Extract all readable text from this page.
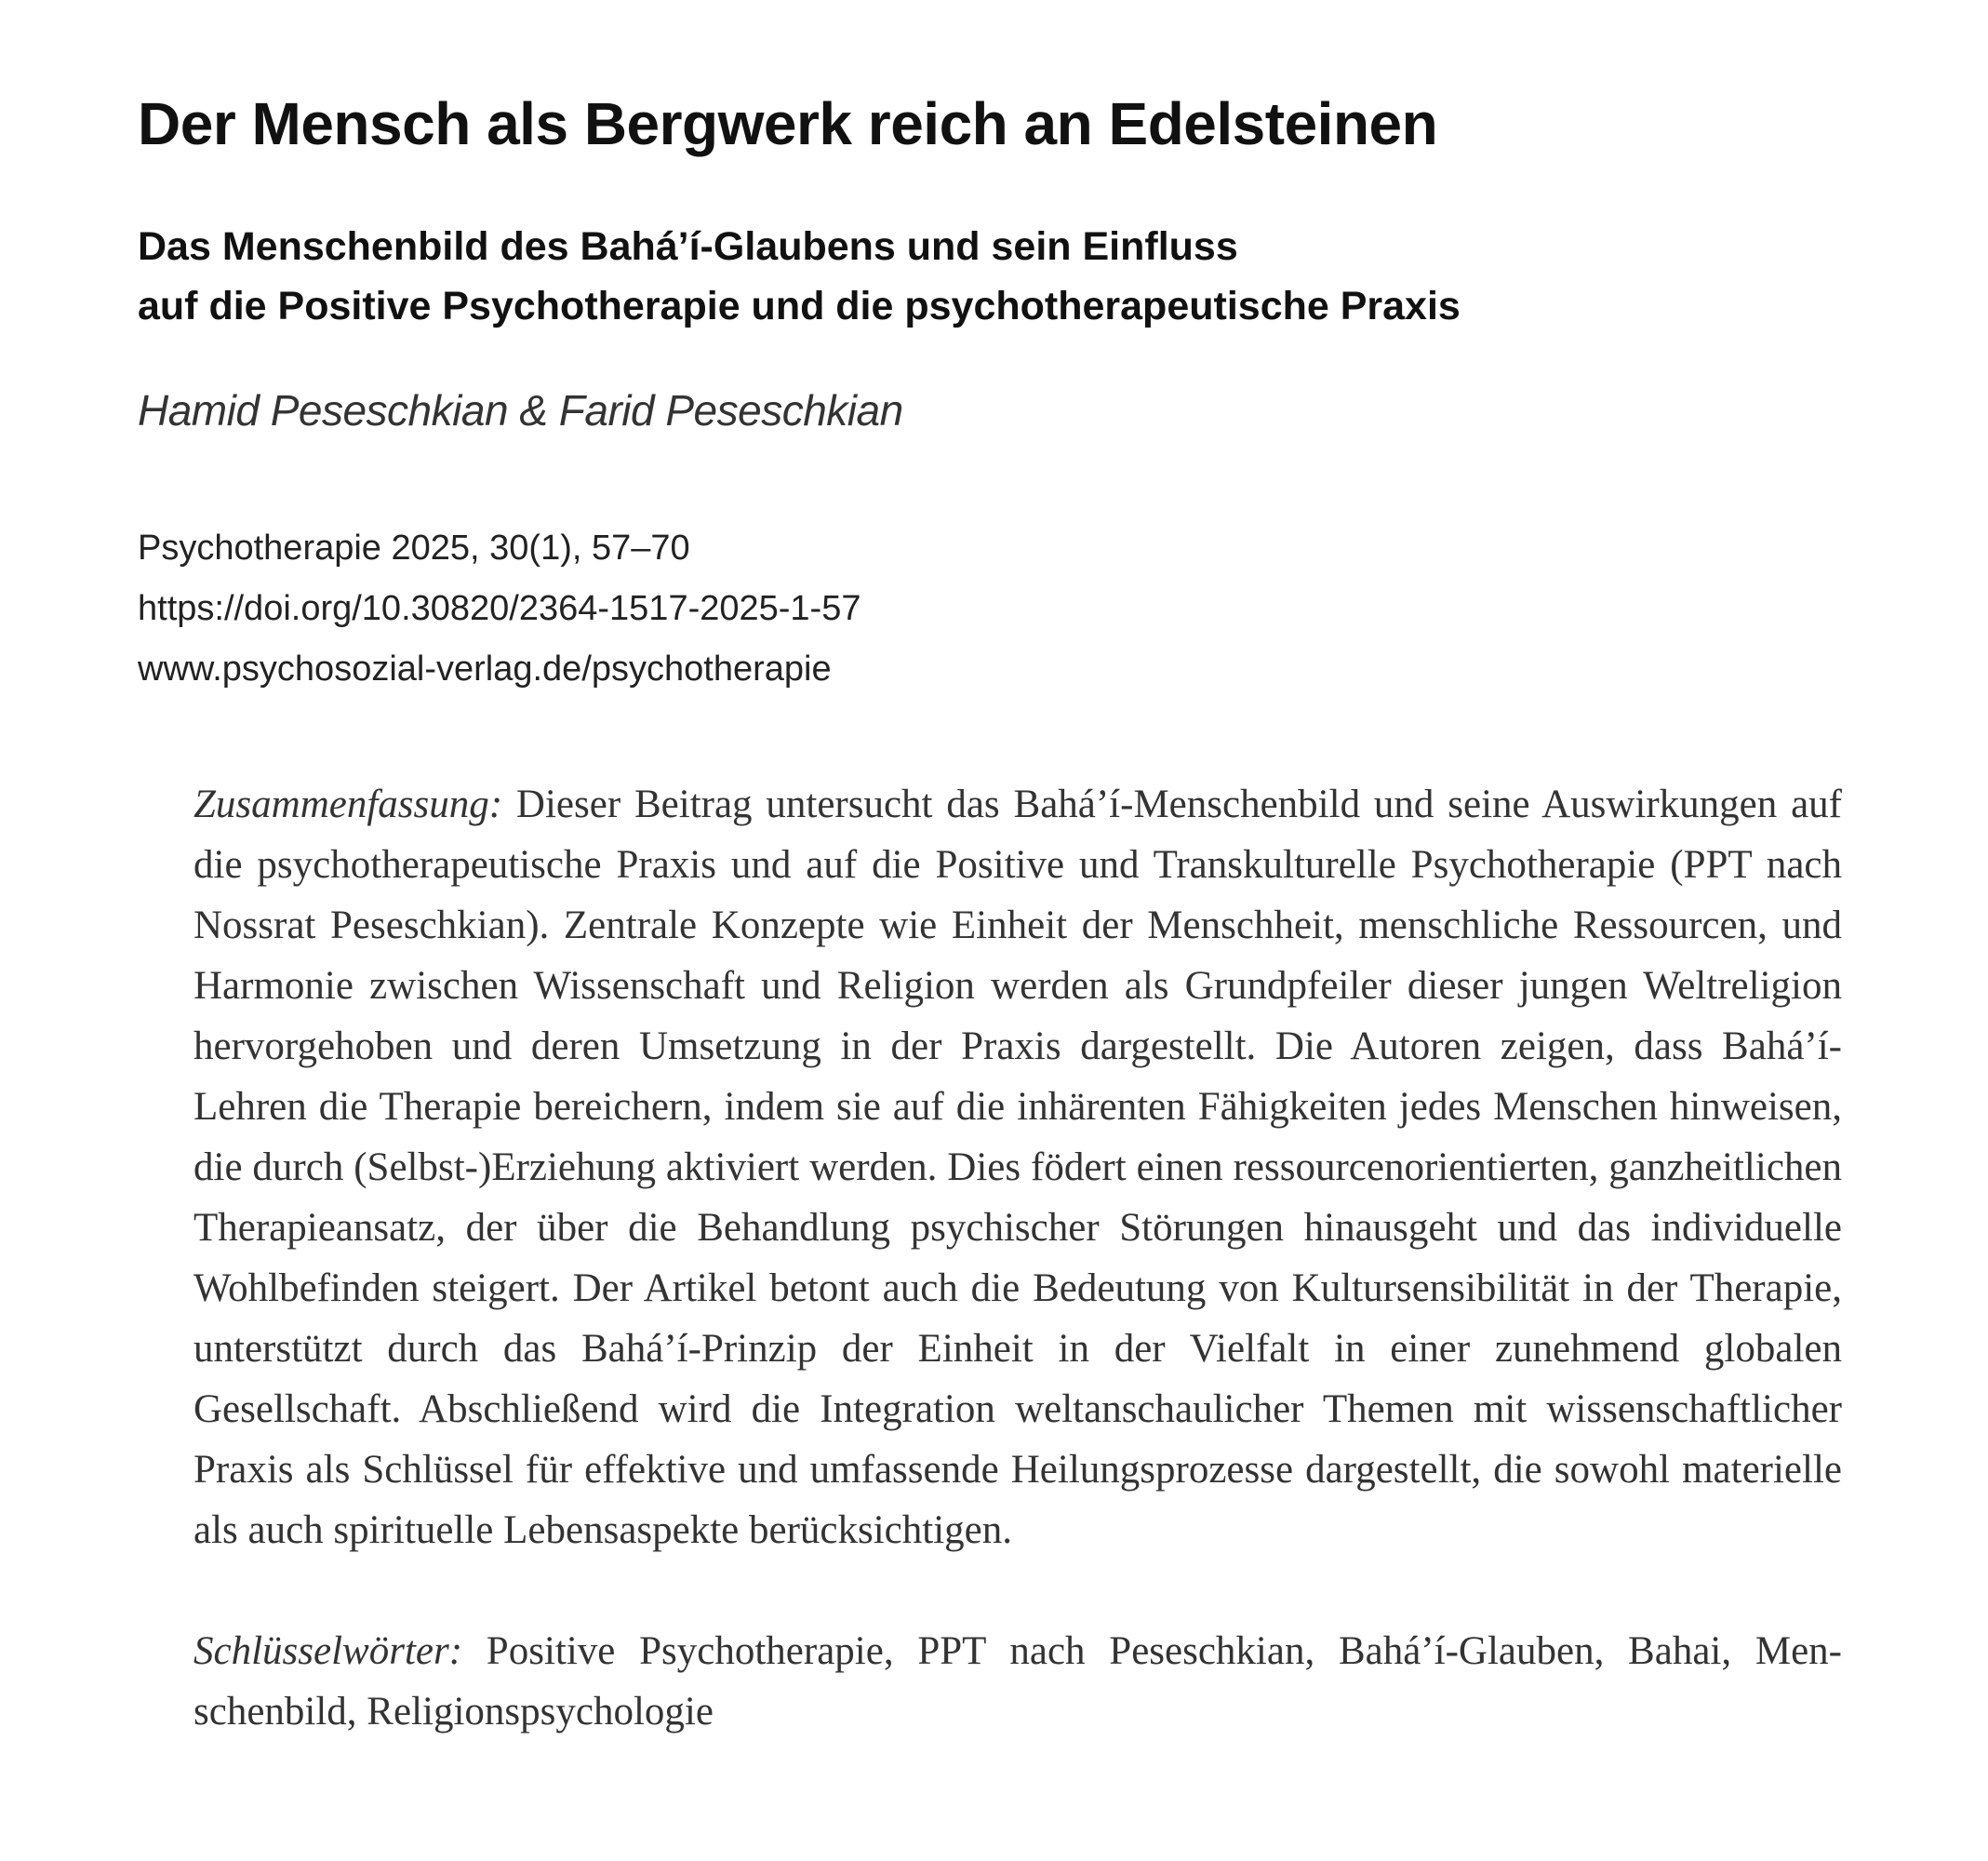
Der Mensch als Bergwerk reich an Edelsteinen
Das Menschenbild des Bahá’í-Glaubens und sein Einfluss
auf die Positive Psychotherapie und die psychotherapeutische Praxis
Hamid Peseschkian & Farid Peseschkian
Psychotherapie 2025, 30(1), 57–70
https://doi.org/10.30820/2364-1517-2025-1-57
www.psychosozial-verlag.de/psychotherapie

Zusammenfassung: Dieser Beitrag untersucht das Bahá’í-Menschenbild und seine Auswirkungen auf die psychotherapeutische Praxis und auf die Positive und Transkulturelle Psychotherapie (PPT nach Nossrat Peseschkian). Zentrale Konzepte wie Einheit der Menschheit, menschliche Ressourcen, und Harmonie zwischen Wissenschaft und Religion werden als Grundpfeiler dieser jungen Weltreligion hervorgehoben und deren Umsetzung in der Praxis dargestellt. Die Autoren zeigen, dass Bahá’í-Lehren die Therapie bereichern, indem sie auf die inhärenten Fähigkeiten jedes Menschen hinweisen, die durch (Selbst-)Erziehung aktiviert werden. Dies födert einen ressourcenorientierten, ganzheitlichen Therapieansatz, der über die Behandlung psychischer Störungen hinausgeht und das individuelle Wohlbefinden steigert. Der Artikel betont auch die Bedeutung von Kultursensibilität in der Therapie, unterstützt durch das Bahá’í-Prinzip der Einheit in der Vielfalt in einer zunehmend globalen Gesellschaft. Abschließend wird die Integration weltanschaulicher Themen mit wissenschaftlicher Praxis als Schlüssel für effektive und umfassende Heilungsprozesse dargestellt, die sowohl materielle als auch spirituelle Lebensaspekte berücksichtigen.

Schlüsselwörter: Positive Psychotherapie, PPT nach Peseschkian, Bahá’í-Glauben, Bahai, Menschenbild, Religionspsychologie
